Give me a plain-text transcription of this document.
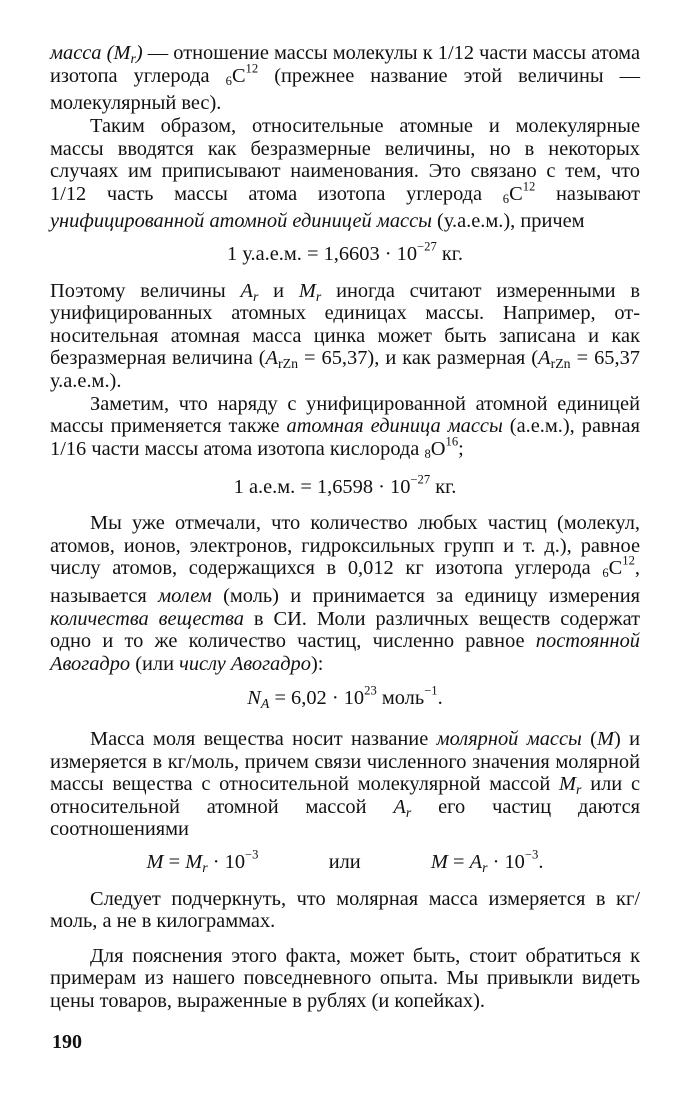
массa $(M_r)$ — отношение массы молекулы к 1/12 части массы атома изотопа углерода $6C^{12}$ (прежнее название этой величины — молекулярный вес).

Таким образом, относительные атомные и молекулярные массы вводятся как безразмерные величины, но в некоторых случаях им приписывают наименования. Это связано с тем, что 1/12 часть массы атома изотопа углерода $6C^{12}$ называют унифицированной атомной единицей массы (у.а.е.м.), причем

1 у.а.е.м. = $1,6603 \cdot 10^{-27}$ кг.

Поэтому величины $A_r$ и $M_r$ иногда считают измеренными в унифицированных атомных единицах массы. Например, относительная атомная масса цинка может быть записана и как безразмерная величина $(A_{rZn} = 65,37)$, и как размерная ($A_{rZn} = 65,37$ у.а.е.м.).

Заметим, что наряду с унифицированной атомной единицей массы применяется также атомная единица массы (а.е.м.), равная 1/16 части массы атома изотопа кислорода $8O^{16}$;

1 а.е.м. = $1,6598 \cdot 10^{-27}$ кг.

Мы уже отмечали, что количество любых частиц (молекул, атомов, ионов, электронов, гидроксильных групп и т. д.), равное числу атомов, содержащихся в 0,012 кг изотопа углерода $6C^{12}$, называется молем (моль) и принимается за единицу измерения количества вещества в СИ. Моли различных веществ содержат одно и то же количество частиц, численно равное постоянной Авогадро (или числу Авогадро):

$N_A = 6,02 \cdot 10^{23}$ моль$^{-1}$.

Масса моля вещества носит название молярной массы (M) и измеряется в кг/моль, причем связи численного значения молярной массы вещества с относительной молекулярной массой $M_r$ или с относительной атомной массой $A_r$ его частиц даются соотношениями

$M = M_r \cdot 10^{-3}$	или	$M = A_r \cdot 10^{-3}$.

Следует подчеркнуть, что молярная масса измеряется в кг/моль, а не в килограммах.

Для пояснения этого факта, может быть, стоит обратиться к примерам из нашего повседневного опыта. Мы привыкли видеть цены товаров, выраженные в рублях (и копейках).

190
